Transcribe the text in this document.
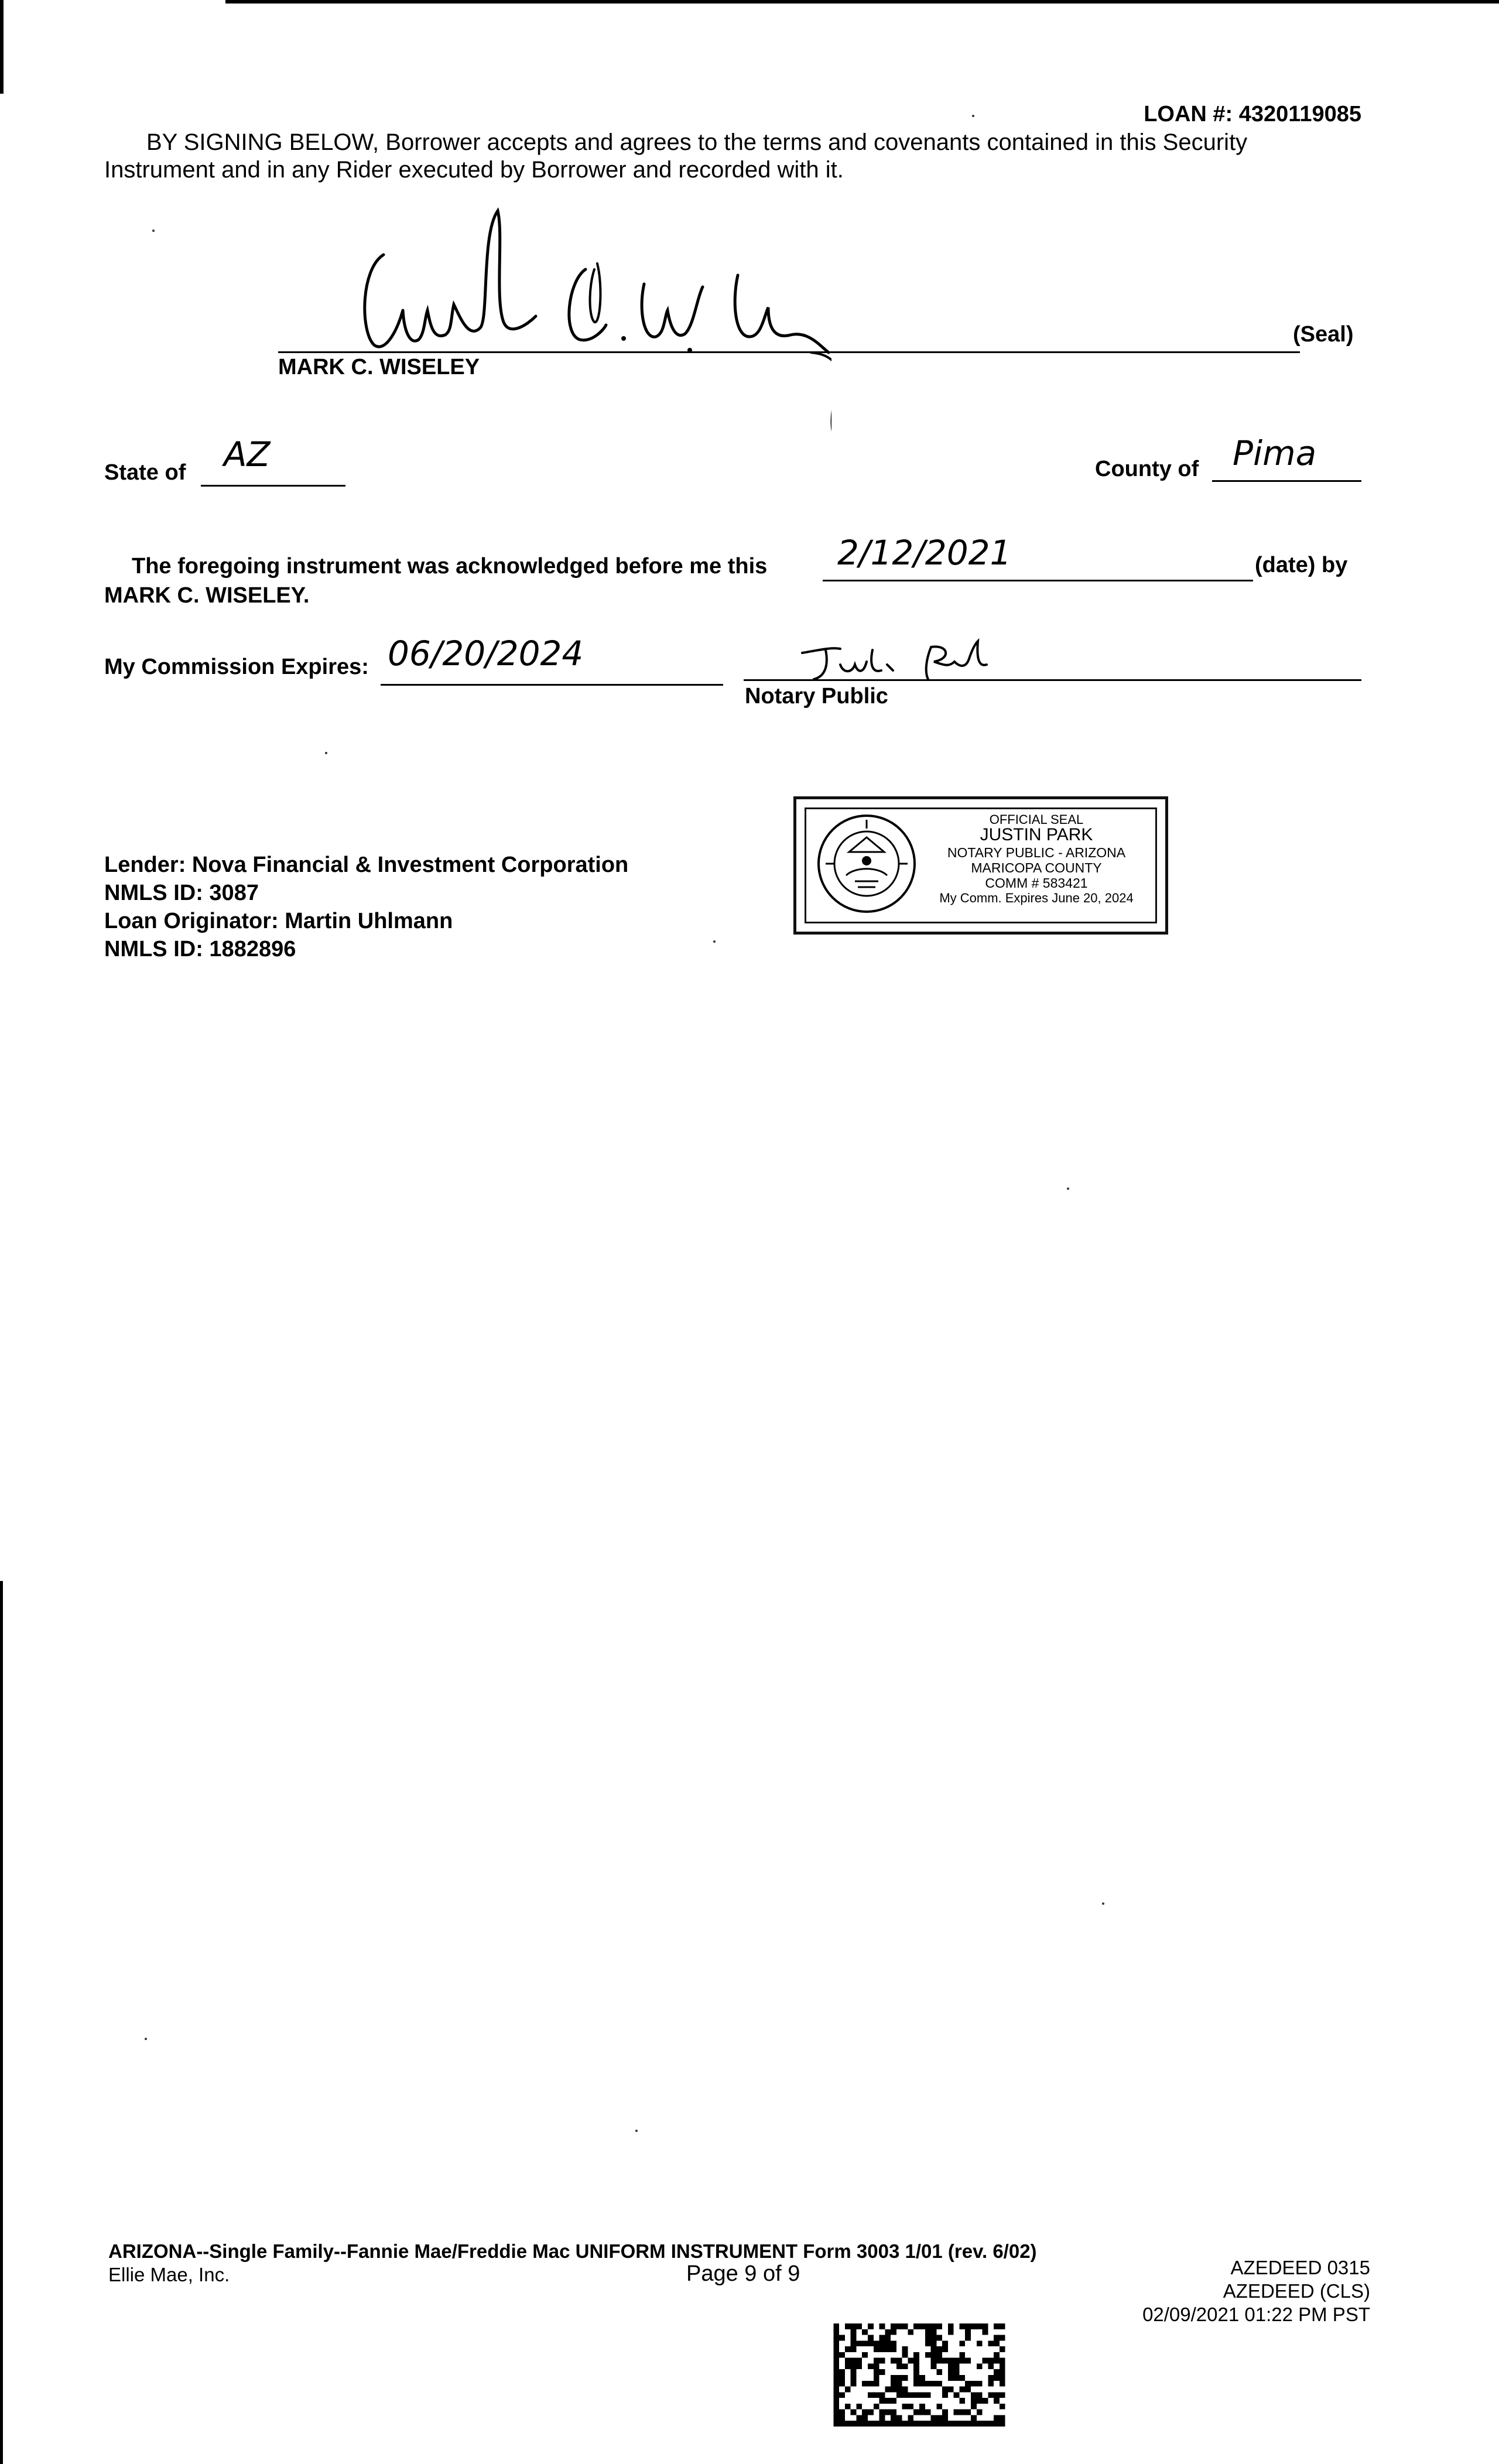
LOAN #: 4320119085
BY SIGNING BELOW, Borrower accepts and agrees to the terms and covenants contained in this Security
Instrument and in any Rider executed by Borrower and recorded with it.
(Seal)
MARK C. WISELEY
State of AZ	County of Pima
The foregoing instrument was acknowledged before me this 2/12/2021	(date) by
MARK C. WISELEY.
My Commission Expires: 06/20/2024
Notary Public
OFFICIAL SEAL
JUSTIN PARK
NOTARY PUBLIC - ARIZONA
MARICOPA COUNTY
COMM # 583421
My Comm. Expires June 20, 2024
Lender: Nova Financial & Investment Corporation
NMLS ID: 3087
Loan Originator: Martin Uhlmann
NMLS ID: 1882896
ARIZONA--Single Family--Fannie Mae/Freddie Mac UNIFORM INSTRUMENT Form 3003 1/01 (rev. 6/02)
Ellie Mae, Inc.	Page 9 of 9	AZEDEED 0315
AZEDEED (CLS)
02/09/2021 01:22 PM PST
